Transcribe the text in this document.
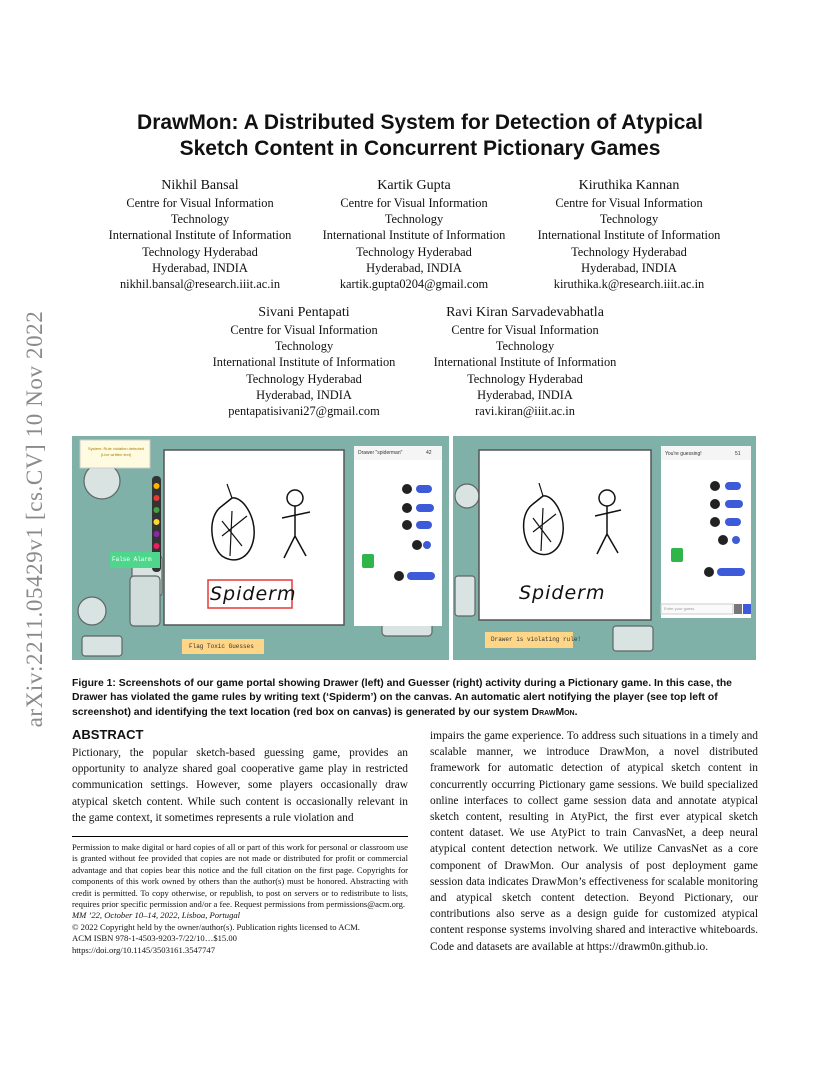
arXiv:2211.05429v1 [cs.CV] 10 Nov 2022
DrawMon: A Distributed System for Detection of Atypical
Sketch Content in Concurrent Pictionary Games
Nikhil Bansal
Centre for Visual Information
Technology
International Institute of Information
Technology Hyderabad
Hyderabad, INDIA
nikhil.bansal@research.iiit.ac.in
Kartik Gupta
Centre for Visual Information
Technology
International Institute of Information
Technology Hyderabad
Hyderabad, INDIA
kartik.gupta0204@gmail.com
Kiruthika Kannan
Centre for Visual Information
Technology
International Institute of Information
Technology Hyderabad
Hyderabad, INDIA
kiruthika.k@research.iiit.ac.in
Sivani Pentapati
Centre for Visual Information
Technology
International Institute of Information
Technology Hyderabad
Hyderabad, INDIA
pentapatisivani27@gmail.com
Ravi Kiran Sarvadevabhatla
Centre for Visual Information
Technology
International Institute of Information
Technology Hyderabad
Hyderabad, INDIA
ravi.kiran@iiit.ac.in
System: Rule violation detected (Live written text)
False Alarm
Flag Toxic Guesses
Drawer "spiderman"	42
Spiderm
You're guessing!	51
Drawer is violating rule!
Spiderm
Enter your guess
Figure 1: Screenshots of our game portal showing Drawer (left) and Guesser (right) activity during a Pictionary game. In this case, the Drawer has violated the game rules by writing text (‘Spiderm’) on the canvas. An automatic alert notifying the player (see top left of screenshot) and identifying the text location (red box on canvas) is generated by our system DrawMon.
ABSTRACT
Pictionary, the popular sketch-based guessing game, provides an opportunity to analyze shared goal cooperative game play in restricted communication settings. However, some players occasionally draw atypical sketch content. While such content is occasionally relevant in the game context, it sometimes represents a rule violation and
impairs the game experience. To address such situations in a timely and scalable manner, we introduce DrawMon, a novel distributed framework for automatic detection of atypical sketch content in concurrently occurring Pictionary game sessions. We build specialized online interfaces to collect game session data and annotate atypical sketch content, resulting in AtyPict, the first ever atypical sketch content dataset. We use AtyPict to train CanvasNet, a deep neural atypical content detection network. We utilize CanvasNet as a core component of DrawMon. Our analysis of post deployment game session data indicates DrawMon’s effectiveness for scalable monitoring and atypical sketch content detection. Beyond Pictionary, our contributions also serve as a design guide for customized atypical content response systems involving shared and interactive whiteboards. Code and datasets are available at https://drawm0n.github.io.
Permission to make digital or hard copies of all or part of this work for personal or classroom use is granted without fee provided that copies are not made or distributed for profit or commercial advantage and that copies bear this notice and the full citation on the first page. Copyrights for components of this work owned by others than the author(s) must be honored. Abstracting with credit is permitted. To copy otherwise, or republish, to post on servers or to redistribute to lists, requires prior specific permission and/or a fee. Request permissions from permissions@acm.org.
MM ’22, October 10–14, 2022, Lisboa, Portugal
© 2022 Copyright held by the owner/author(s). Publication rights licensed to ACM.
ACM ISBN 978-1-4503-9203-7/22/10…$15.00
https://doi.org/10.1145/3503161.3547747
